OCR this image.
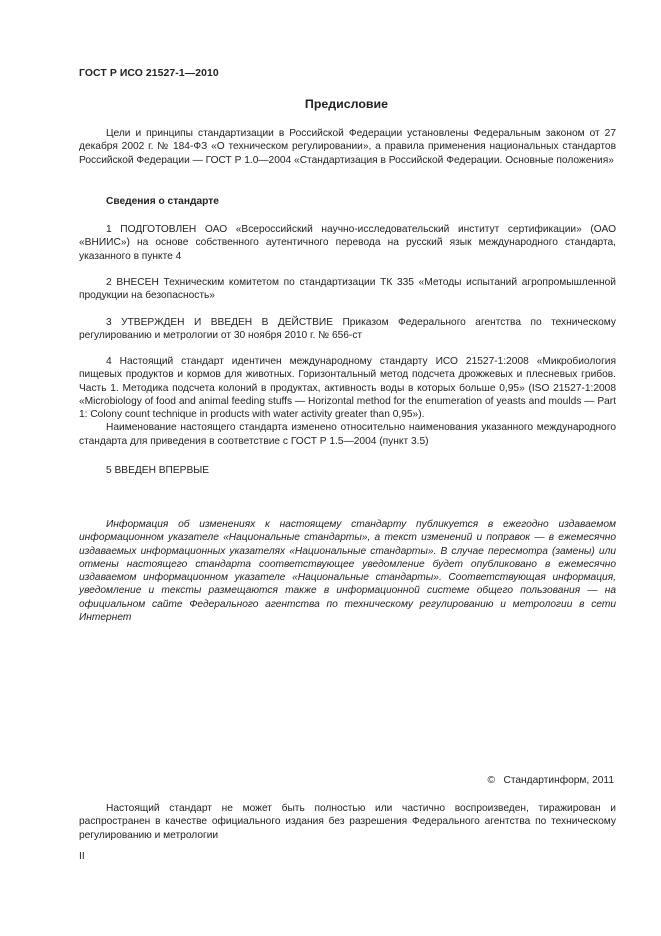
ГОСТ Р ИСО 21527-1—2010
Предисловие

Цели и принципы стандартизации в Российской Федерации установлены Федеральным законом от 27 декабря 2002 г. № 184-ФЗ «О техническом регулировании», а правила применения национальных стандартов Российской Федерации — ГОСТ Р 1.0—2004 «Стандартизация в Российской Федерации. Основные положения»

Сведения о стандарте

1 ПОДГОТОВЛЕН ОАО «Всероссийский научно-исследовательский институт сертификации» (ОАО «ВНИИС») на основе собственного аутентичного перевода на русский язык международного стандарта, указанного в пункте 4

2 ВНЕСЕН Техническим комитетом по стандартизации ТК 335 «Методы испытаний агропромышленной продукции на безопасность»

3 УТВЕРЖДЕН И ВВЕДЕН В ДЕЙСТВИЕ Приказом Федерального агентства по техническому регулированию и метрологии от 30 ноября 2010 г. № 656-ст

4 Настоящий стандарт идентичен международному стандарту ИСО 21527-1:2008 «Микробиология пищевых продуктов и кормов для животных. Горизонтальный метод подсчета дрожжевых и плесневых грибов. Часть 1. Методика подсчета колоний в продуктах, активность воды в которых больше 0,95» (ISO 21527-1:2008 «Microbiology of food and animal feeding stuffs — Horizontal method for the enumeration of yeasts and moulds — Part 1: Colony count technique in products with water activity greater than 0,95»).

Наименование настоящего стандарта изменено относительно наименования указанного международного стандарта для приведения в соответствие с ГОСТ Р 1.5—2004 (пункт 3.5)

5 ВВЕДЕН ВПЕРВЫЕ

Информация об изменениях к настоящему стандарту публикуется в ежегодно издаваемом информационном указателе «Национальные стандарты», а текст изменений и поправок — в ежемесячно издаваемых информационных указателях «Национальные стандарты». В случае пересмотра (замены) или отмены настоящего стандарта соответствующее уведомление будет опубликовано в ежемесячно издаваемом информационном указателе «Национальные стандарты». Соответствующая информация, уведомление и тексты размещаются также в информационной системе общего пользования — на официальном сайте Федерального агентства по техническому регулированию и метрологии в сети Интернет

©   Стандартинформ, 2011

Настоящий стандарт не может быть полностью или частично воспроизведен, тиражирован и распространен в качестве официального издания без разрешения Федерального агентства по техническому регулированию и метрологии

II
